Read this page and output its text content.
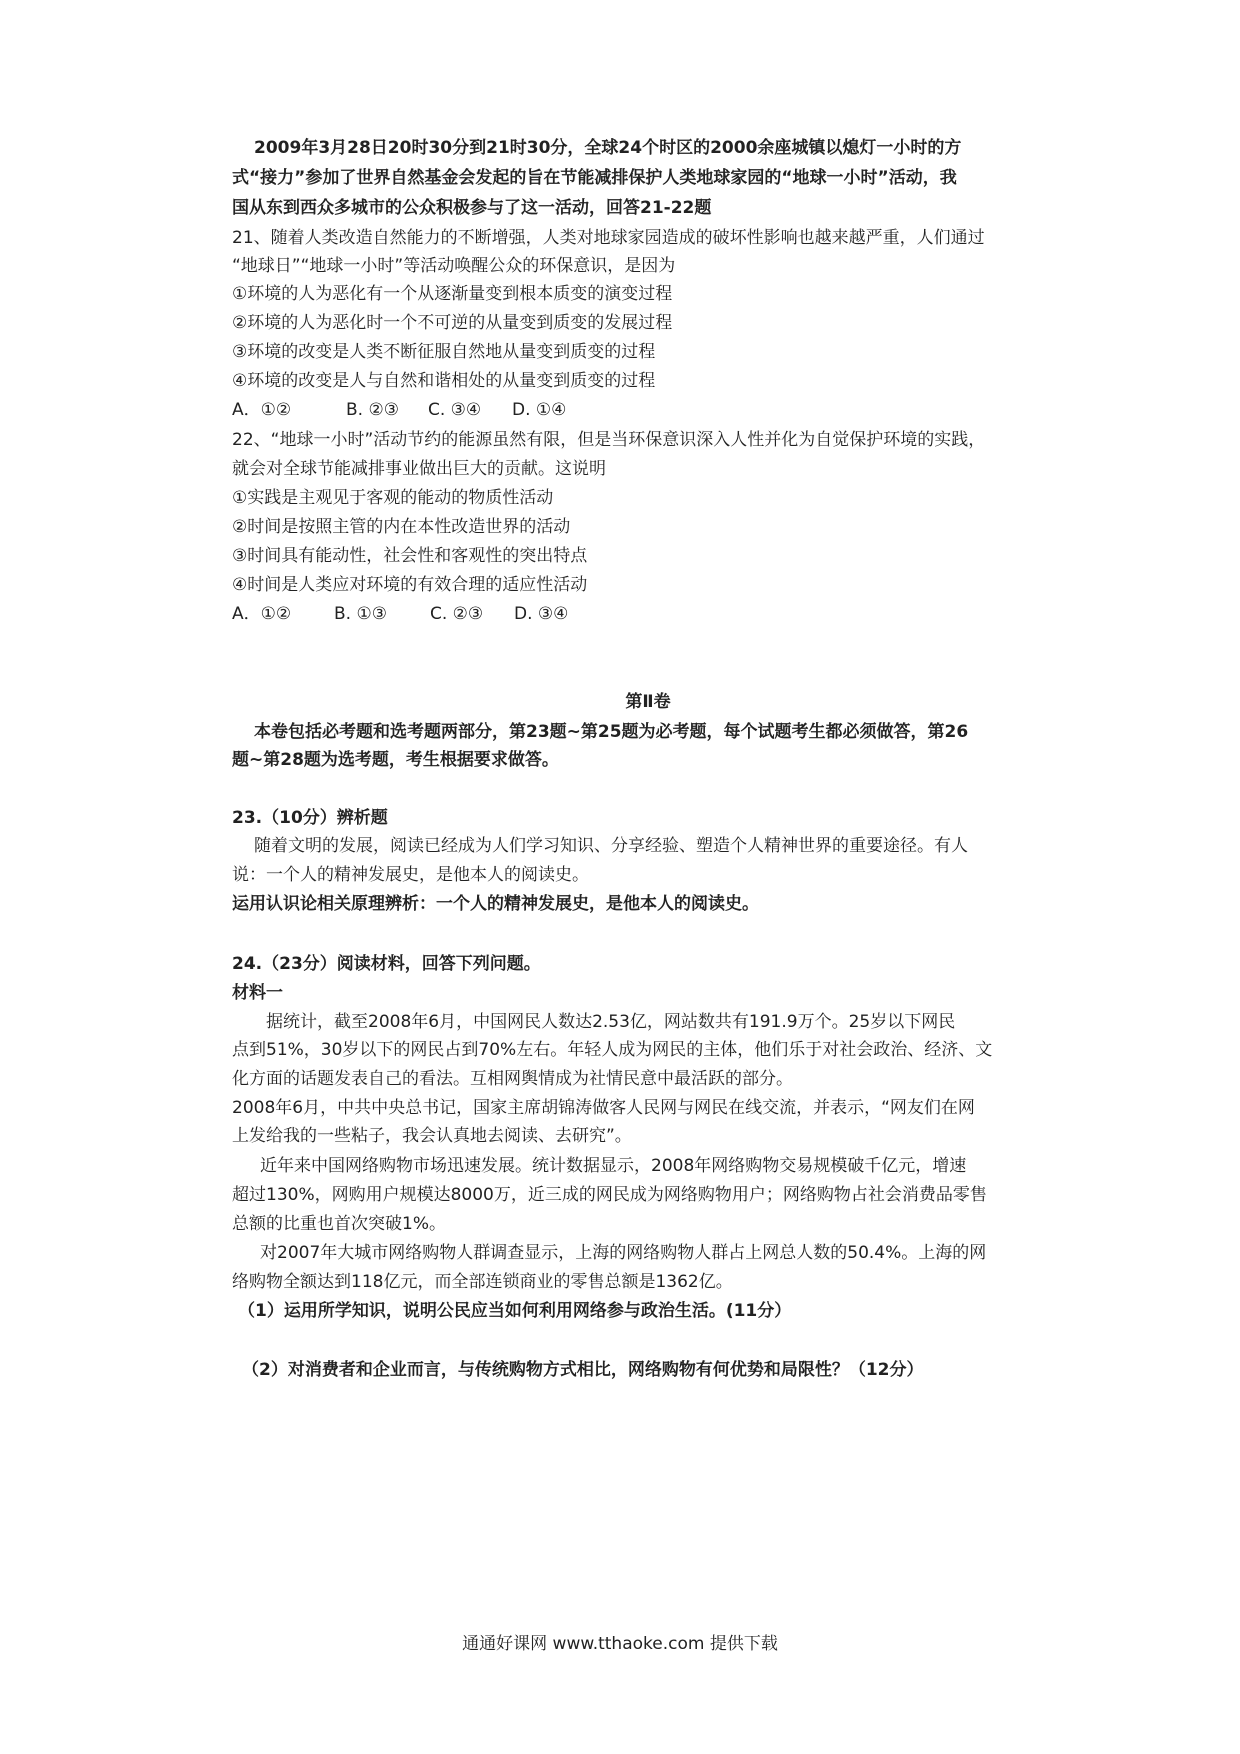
2009年3月28日20时30分到21时30分，全球24个时区的2000余座城镇以熄灯一小时的方
式“接力”参加了世界自然基金会发起的旨在节能减排保护人类地球家园的“地球一小时”活动，我
国从东到西众多城市的公众积极参与了这一活动，回答21-22题
21、随着人类改造自然能力的不断增强，人类对地球家园造成的破坏性影响也越来越严重，人们通过
“地球日”“地球一小时”等活动唤醒公众的环保意识，是因为
①环境的人为恶化有一个从逐渐量变到根本质变的演变过程
②环境的人为恶化时一个不可逆的从量变到质变的发展过程
③环境的改变是人类不断征服自然地从量变到质变的过程
④环境的改变是人与自然和谐相处的从量变到质变的过程
A．①②	B. ②③ C. ③④ D. ①④
22、“地球一小时”活动节约的能源虽然有限，但是当环保意识深入人性并化为自觉保护环境的实践，
就会对全球节能减排事业做出巨大的贡献。这说明
①实践是主观见于客观的能动的物质性活动
②时间是按照主管的内在本性改造世界的活动
③时间具有能动性，社会性和客观性的突出特点
④时间是人类应对环境的有效合理的适应性活动
A．①②	B. ①③	C. ②③ D. ③④
第Ⅱ卷
本卷包括必考题和选考题两部分，第23题~第25题为必考题，每个试题考生都必须做答，第26
题~第28题为选考题，考生根据要求做答。
23.（10分）辨析题
随着文明的发展，阅读已经成为人们学习知识、分享经验、塑造个人精神世界的重要途径。有人
说：一个人的精神发展史，是他本人的阅读史。
运用认识论相关原理辨析：一个人的精神发展史，是他本人的阅读史。
24.（23分）阅读材料，回答下列问题。
材料一
据统计，截至2008年6月，中国网民人数达2.53亿，网站数共有191.9万个。25岁以下网民
点到51%，30岁以下的网民占到70%左右。年轻人成为网民的主体，他们乐于对社会政治、经济、文
化方面的话题发表自己的看法。互相网舆情成为社情民意中最活跃的部分。
2008年6月，中共中央总书记，国家主席胡锦涛做客人民网与网民在线交流，并表示，“网友们在网
上发给我的一些粘子，我会认真地去阅读、去研究”。
近年来中国网络购物市场迅速发展。统计数据显示，2008年网络购物交易规模破千亿元，增速
超过130%，网购用户规模达8000万，近三成的网民成为网络购物用户；网络购物占社会消费品零售
总额的比重也首次突破1%。
对2007年大城市网络购物人群调查显示，上海的网络购物人群占上网总人数的50.4%。上海的网
络购物全额达到118亿元，而全部连锁商业的零售总额是1362亿。
（1）运用所学知识，说明公民应当如何利用网络参与政治生活。(11分）
（2）对消费者和企业而言，与传统购物方式相比，网络购物有何优势和局限性？（12分）
通通好课网 www.tthaoke.com 提供下载
